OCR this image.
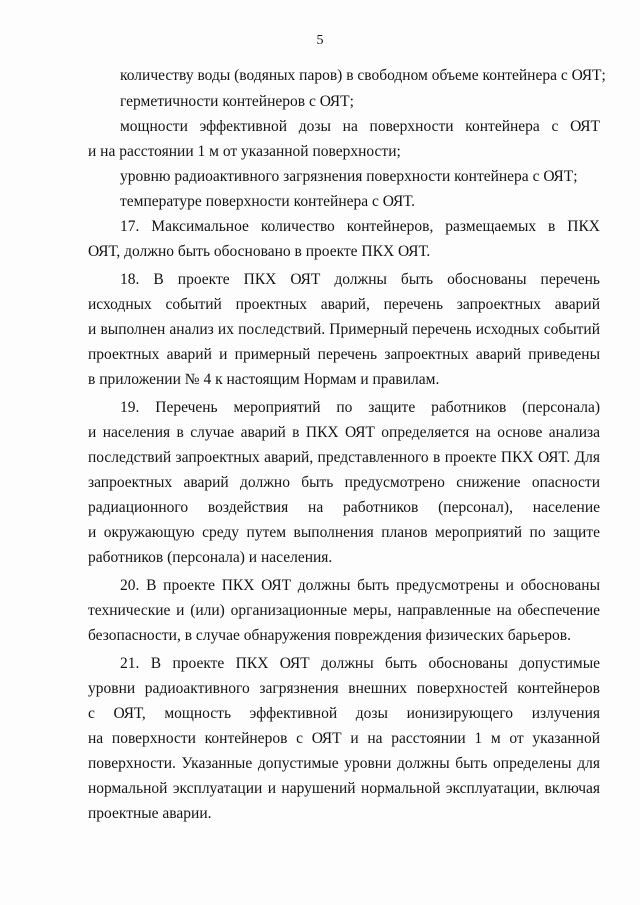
5
количеству воды (водяных паров) в свободном объеме контейнера с ОЯТ;
герметичности контейнеров с ОЯТ;
мощности эффективной дозы на поверхности контейнера с ОЯТ
и на расстоянии 1 м от указанной поверхности;
уровню радиоактивного загрязнения поверхности контейнера с ОЯТ;
температуре поверхности контейнера с ОЯТ.
17. Максимальное количество контейнеров, размещаемых в ПКХ
ОЯТ, должно быть обосновано в проекте ПКХ ОЯТ.
18. В проекте ПКХ ОЯТ должны быть обоснованы перечень
исходных событий проектных аварий, перечень запроектных аварий
и выполнен анализ их последствий. Примерный перечень исходных событий
проектных аварий и примерный перечень запроектных аварий приведены
в приложении № 4 к настоящим Нормам и правилам.
19. Перечень мероприятий по защите работников (персонала)
и населения в случае аварий в ПКХ ОЯТ определяется на основе анализа
последствий запроектных аварий, представленного в проекте ПКХ ОЯТ. Для
запроектных аварий должно быть предусмотрено снижение опасности
радиационного воздействия на работников (персонал), население
и окружающую среду путем выполнения планов мероприятий по защите
работников (персонала) и населения.
20. В проекте ПКХ ОЯТ должны быть предусмотрены и обоснованы
технические и (или) организационные меры, направленные на обеспечение
безопасности, в случае обнаружения повреждения физических барьеров.
21. В проекте ПКХ ОЯТ должны быть обоснованы допустимые
уровни радиоактивного загрязнения внешних поверхностей контейнеров
с ОЯТ, мощность эффективной дозы ионизирующего излучения
на поверхности контейнеров с ОЯТ и на расстоянии 1 м от указанной
поверхности. Указанные допустимые уровни должны быть определены для
нормальной эксплуатации и нарушений нормальной эксплуатации, включая
проектные аварии.
